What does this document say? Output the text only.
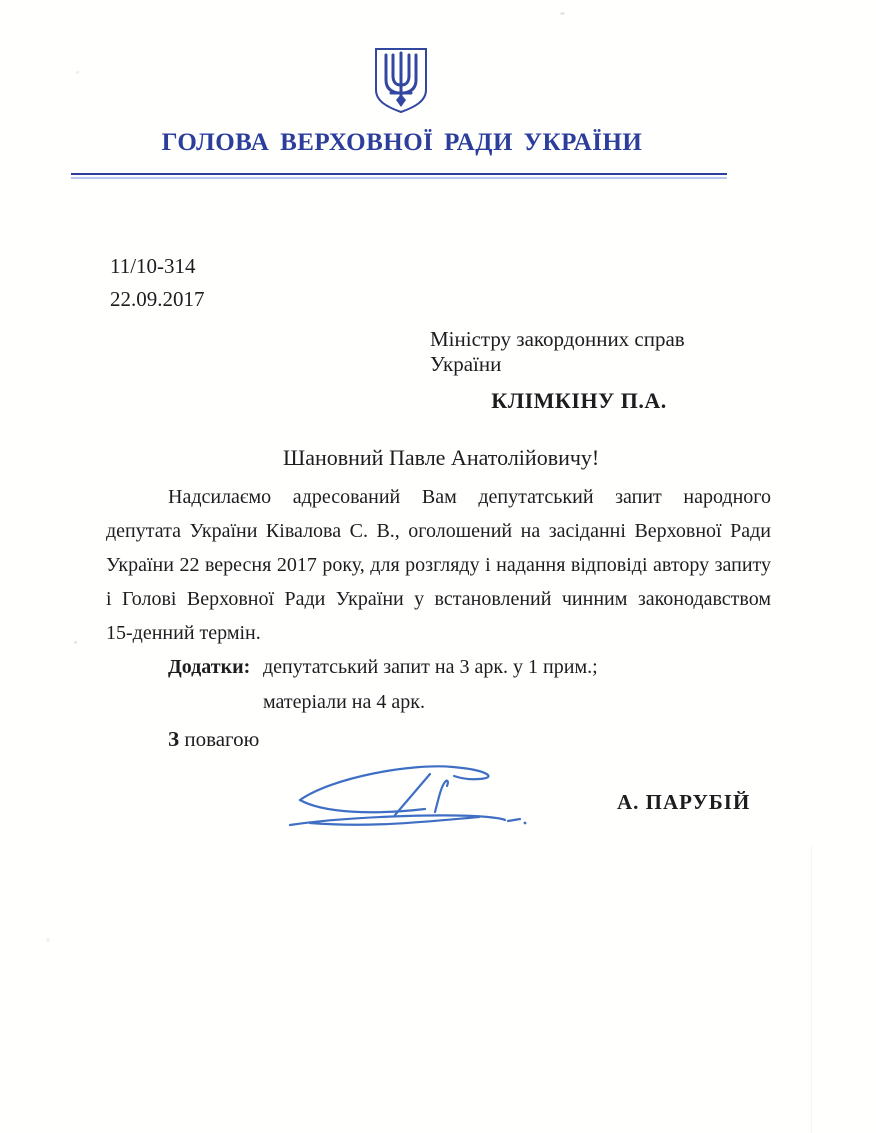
ГОЛОВА ВЕРХОВНОЇ РАДИ УКРАЇНИ
11/10-314
22.09.2017
Міністру закордонних справ України
КЛІМКІНУ П.А.
Шановний Павле Анатолійовичу!
Надсилаємо адресований Вам депутатський запит народного
депутата України Ківалова С. В., оголошений на засіданні Верховної Ради
України 22 вересня 2017 року, для розгляду і надання відповіді автору запиту
і Голові Верховної Ради України у встановлений чинним законодавством
15-денний термін.
Додатки: депутатський запит на 3 арк. у 1 прим.;
матеріали на 4 арк.
З повагою
А. ПАРУБІЙ
